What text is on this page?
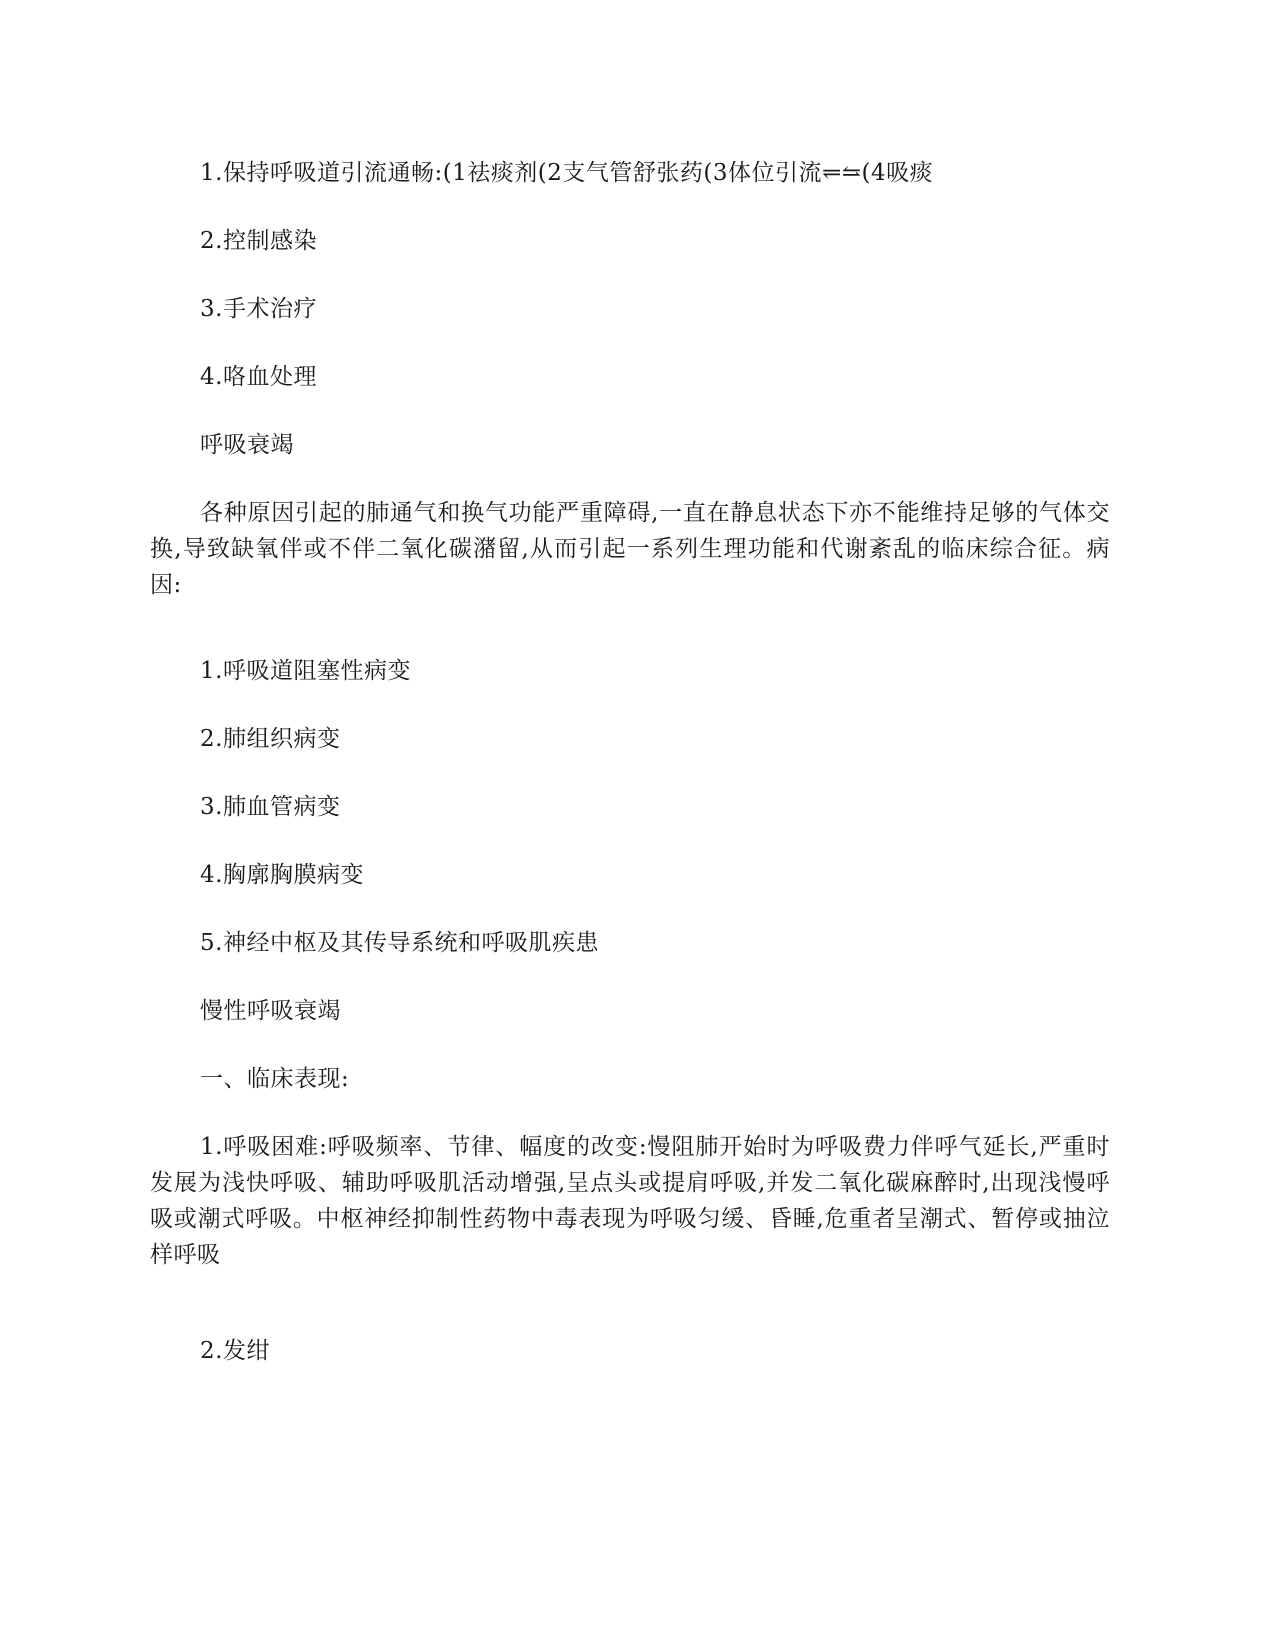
1.保持呼吸道引流通畅:(1祛痰剂(2支气管舒张药(3体位引流⥫⥦(4吸痰

2.控制感染

3.手术治疗

4.咯血处理

呼吸衰竭

各种原因引起的肺通气和换气功能严重障碍,一直在静息状态下亦不能维持足够的气体交换,导致缺氧伴或不伴二氧化碳潴留,从而引起一系列生理功能和代谢紊乱的临床综合征。病因:

1.呼吸道阻塞性病变

2.肺组织病变

3.肺血管病变

4.胸廓胸膜病变

5.神经中枢及其传导系统和呼吸肌疾患

慢性呼吸衰竭

一、临床表现:

1.呼吸困难:呼吸频率、节律、幅度的改变:慢阻肺开始时为呼吸费力伴呼气延长,严重时发展为浅快呼吸、辅助呼吸肌活动增强,呈点头或提肩呼吸,并发二氧化碳麻醉时,出现浅慢呼吸或潮式呼吸。中枢神经抑制性药物中毒表现为呼吸匀缓、昏睡,危重者呈潮式、暂停或抽泣样呼吸

2.发绀
